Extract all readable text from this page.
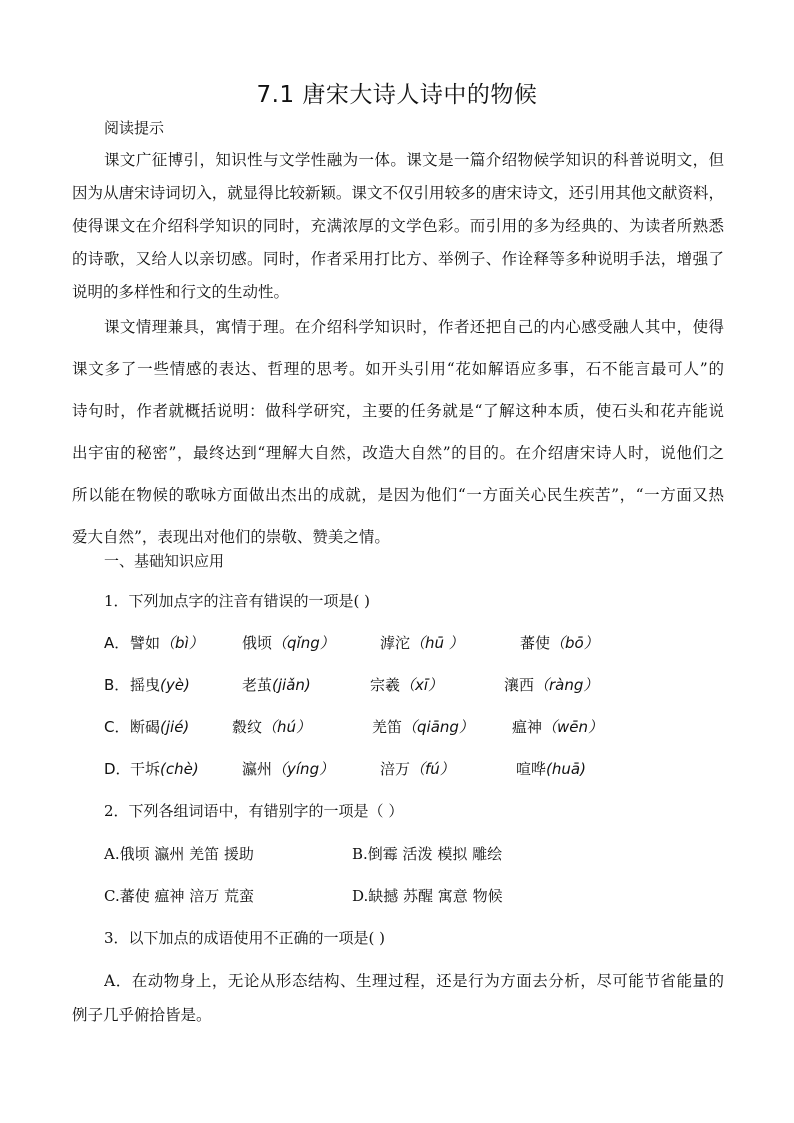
7.1 唐宋大诗人诗中的物候
阅读提示
课文广征博引，知识性与文学性融为一体。课文是一篇介绍物候学知识的科普说明文，但
因为从唐宋诗词切入，就显得比较新颖。课文不仅引用较多的唐宋诗文，还引用其他文献资料，
使得课文在介绍科学知识的同时，充满浓厚的文学色彩。而引用的多为经典的、为读者所熟悉
的诗歌，又给人以亲切感。同时，作者采用打比方、举例子、作诠释等多种说明手法，增强了
说明的多样性和行文的生动性。
课文情理兼具，寓情于理。在介绍科学知识时，作者还把自己的内心感受融人其中，使得
课文多了一些情感的表达、哲理的思考。如开头引用“花如解语应多事，石不能言最可人”的
诗句时，作者就概括说明：做科学研究，主要的任务就是“了解这种本质，使石头和花卉能说
出宇宙的秘密”，最终达到“理解大自然，改造大自然”的目的。在介绍唐宋诗人时，说他们之
所以能在物候的歌咏方面做出杰出的成就，是因为他们“一方面关心民生疾苦”，“一方面又热
爱大自然”，表现出对他们的崇敬、赞美之情。
一、基础知识应用
1．下列加点字的注音有错误的一项是( )
A． 譬如（bì）	俄顷（qǐng）	滹沱（hū ）	蕃使（bō）
B． 摇曳(yè)	老茧(jiǎn)	宗羲（xī）	瀼西（ràng）
C． 断碣(jié)	縠纹（hú）	羌笛（qiāng）	瘟神（wēn）
D． 干坼(chè)	瀛州（yíng）	涪万（fú）	喧哗(huā)
2．下列各组词语中，有错别字的一项是（ ）
A.俄顷 瀛州 羌笛 援助	B.倒霉 活泼 模拟 雕绘
C.蕃使 瘟神 涪万 荒蛮	D.缺撼 苏醒 寓意 物候
3．以下加点的成语使用不正确的一项是( )
A．在动物身上，无论从形态结构、生理过程，还是行为方面去分析，尽可能节省能量的
例子几乎俯拾皆是。
